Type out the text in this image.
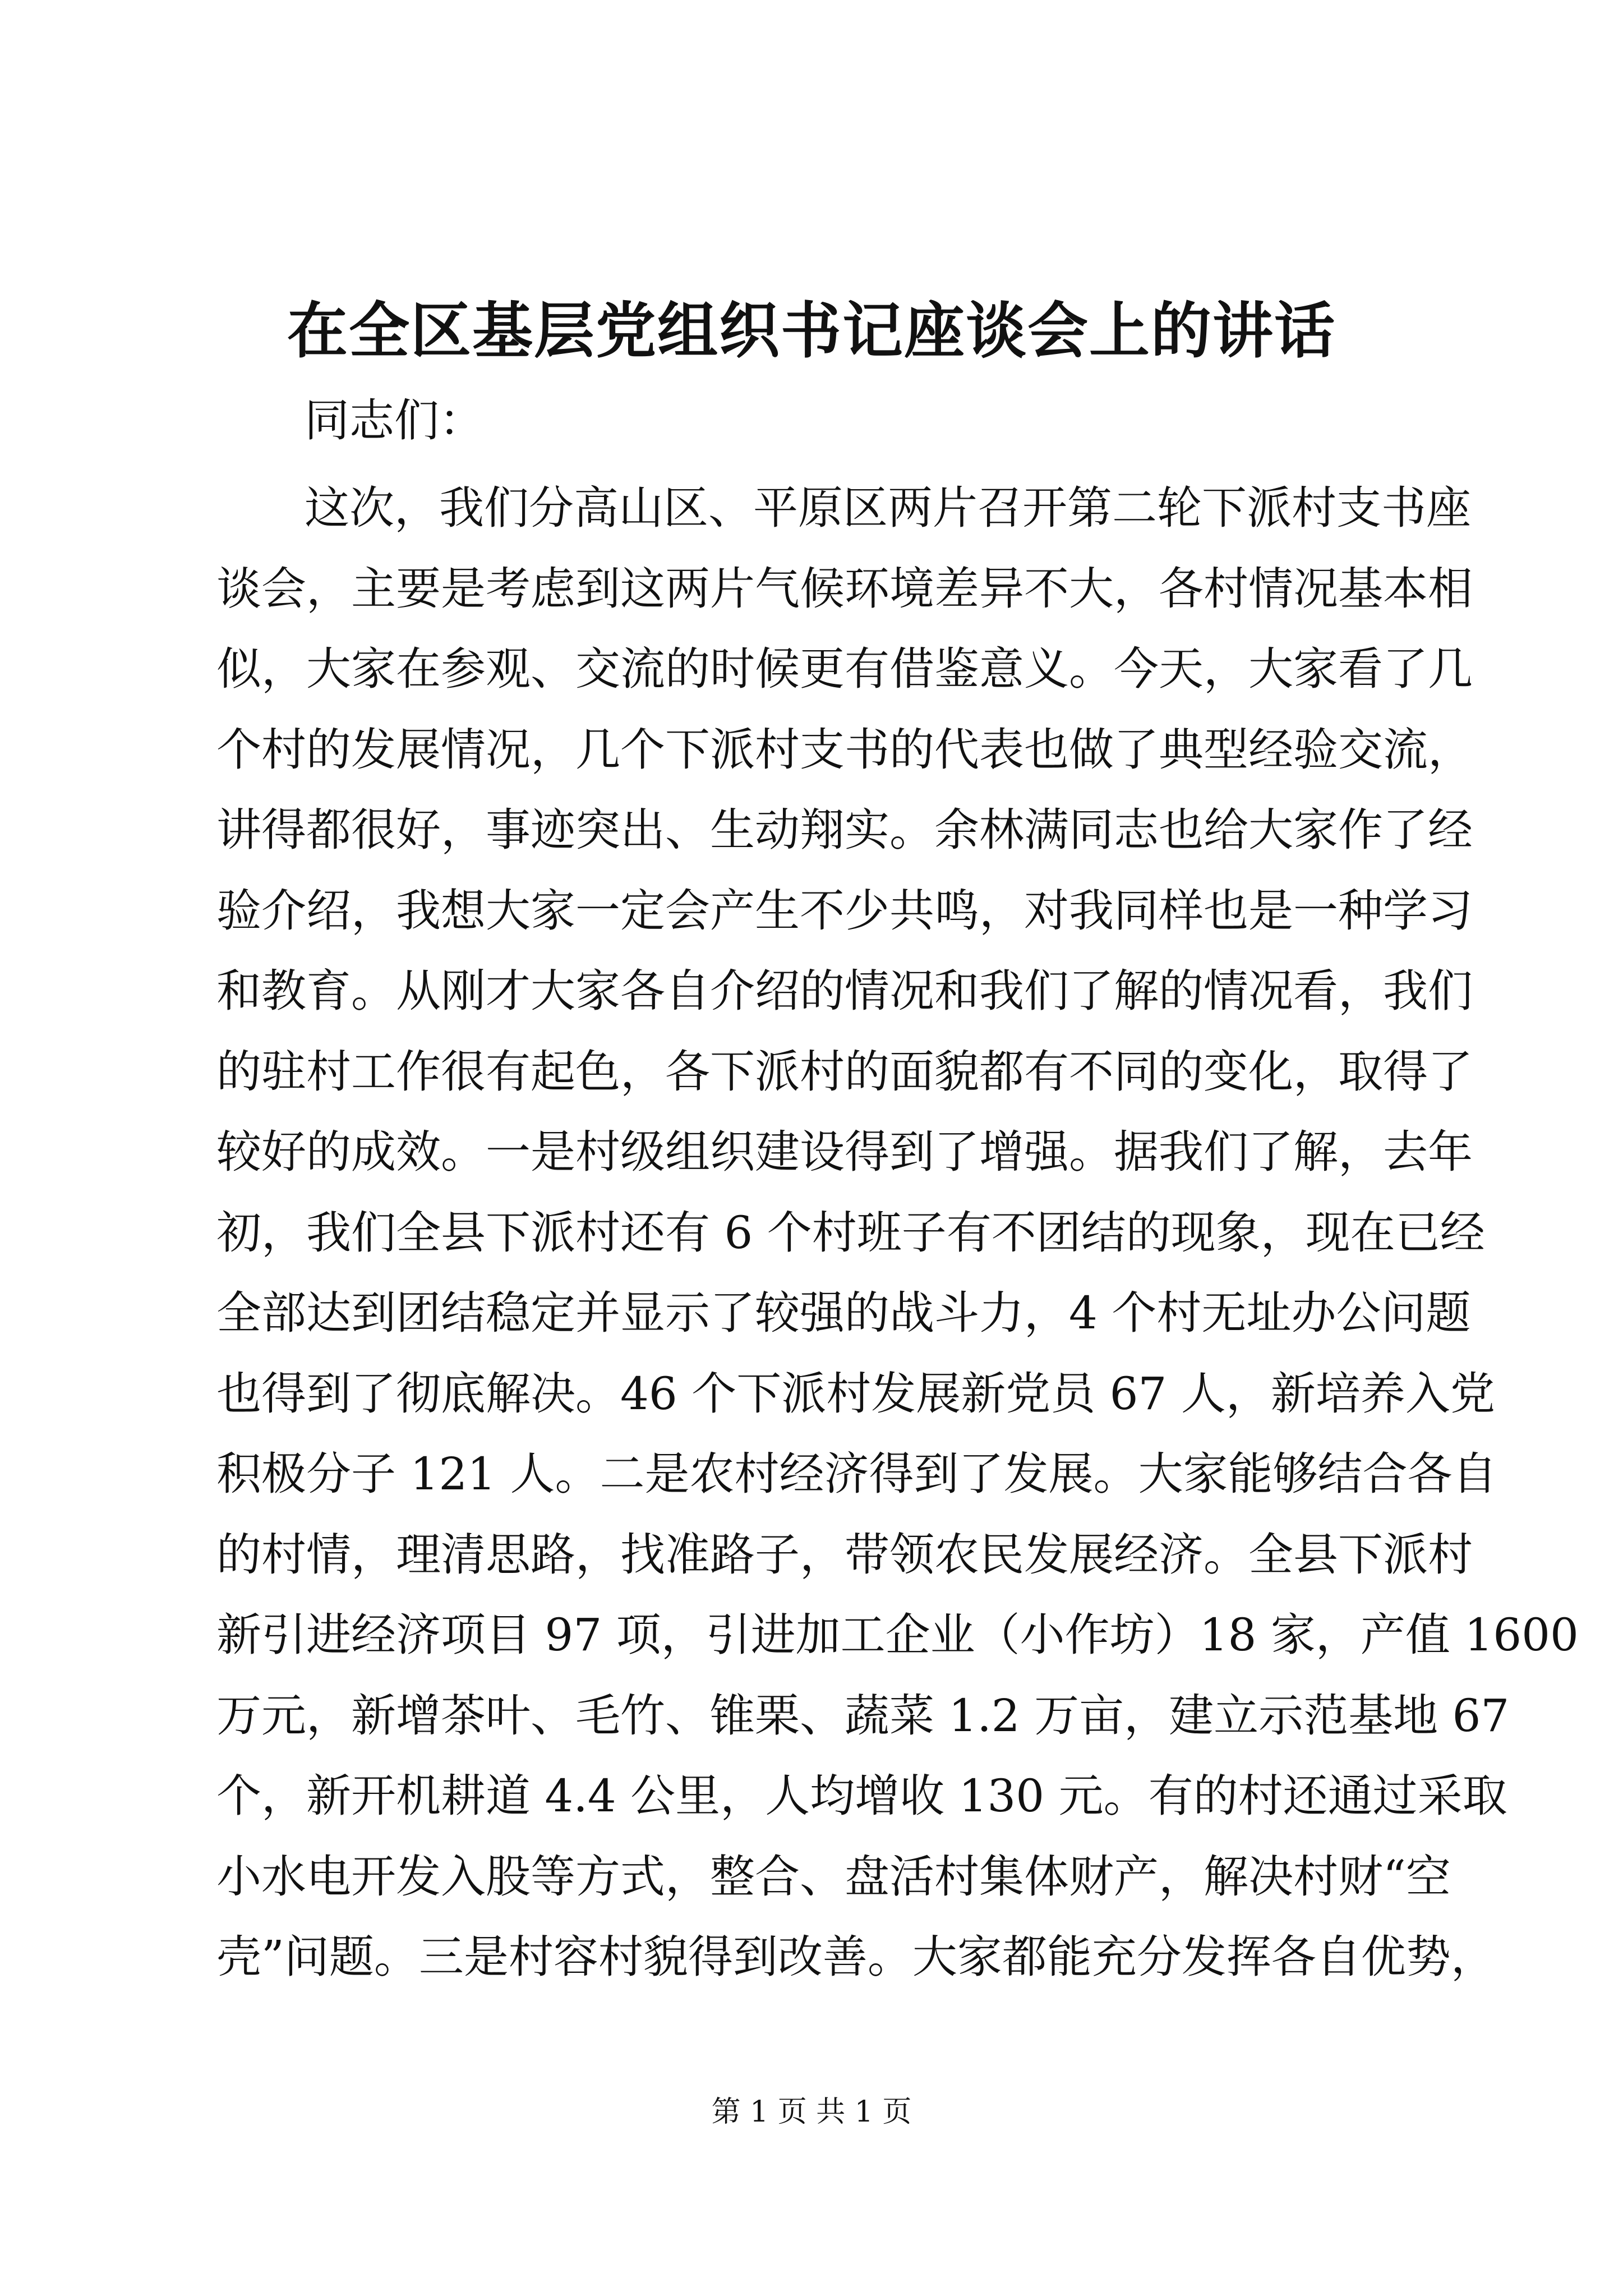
在全区基层党组织书记座谈会上的讲话

同志们：

这次，我们分高山区、平原区两片召开第二轮下派村支书座
谈会，主要是考虑到这两片气候环境差异不大，各村情况基本相
似，大家在参观、交流的时候更有借鉴意义。今天，大家看了几
个村的发展情况，几个下派村支书的代表也做了典型经验交流，
讲得都很好，事迹突出、生动翔实。余林满同志也给大家作了经
验介绍，我想大家一定会产生不少共鸣，对我同样也是一种学习
和教育。从刚才大家各自介绍的情况和我们了解的情况看，我们
的驻村工作很有起色，各下派村的面貌都有不同的变化，取得了
较好的成效。一是村级组织建设得到了增强。据我们了解，去年
初，我们全县下派村还有 6 个村班子有不团结的现象，现在已经
全部达到团结稳定并显示了较强的战斗力，4 个村无址办公问题
也得到了彻底解决。46 个下派村发展新党员 67 人，新培养入党
积极分子 121 人。二是农村经济得到了发展。大家能够结合各自
的村情，理清思路，找准路子，带领农民发展经济。全县下派村
新引进经济项目 97 项，引进加工企业（小作坊）18 家，产值 1600
万元，新增茶叶、毛竹、锥栗、蔬菜 1.2 万亩，建立示范基地 67
个，新开机耕道 4.4 公里，人均增收 130 元。有的村还通过采取
小水电开发入股等方式，整合、盘活村集体财产，解决村财“空
壳”问题。三是村容村貌得到改善。大家都能充分发挥各自优势，

第 1 页 共 1 页
